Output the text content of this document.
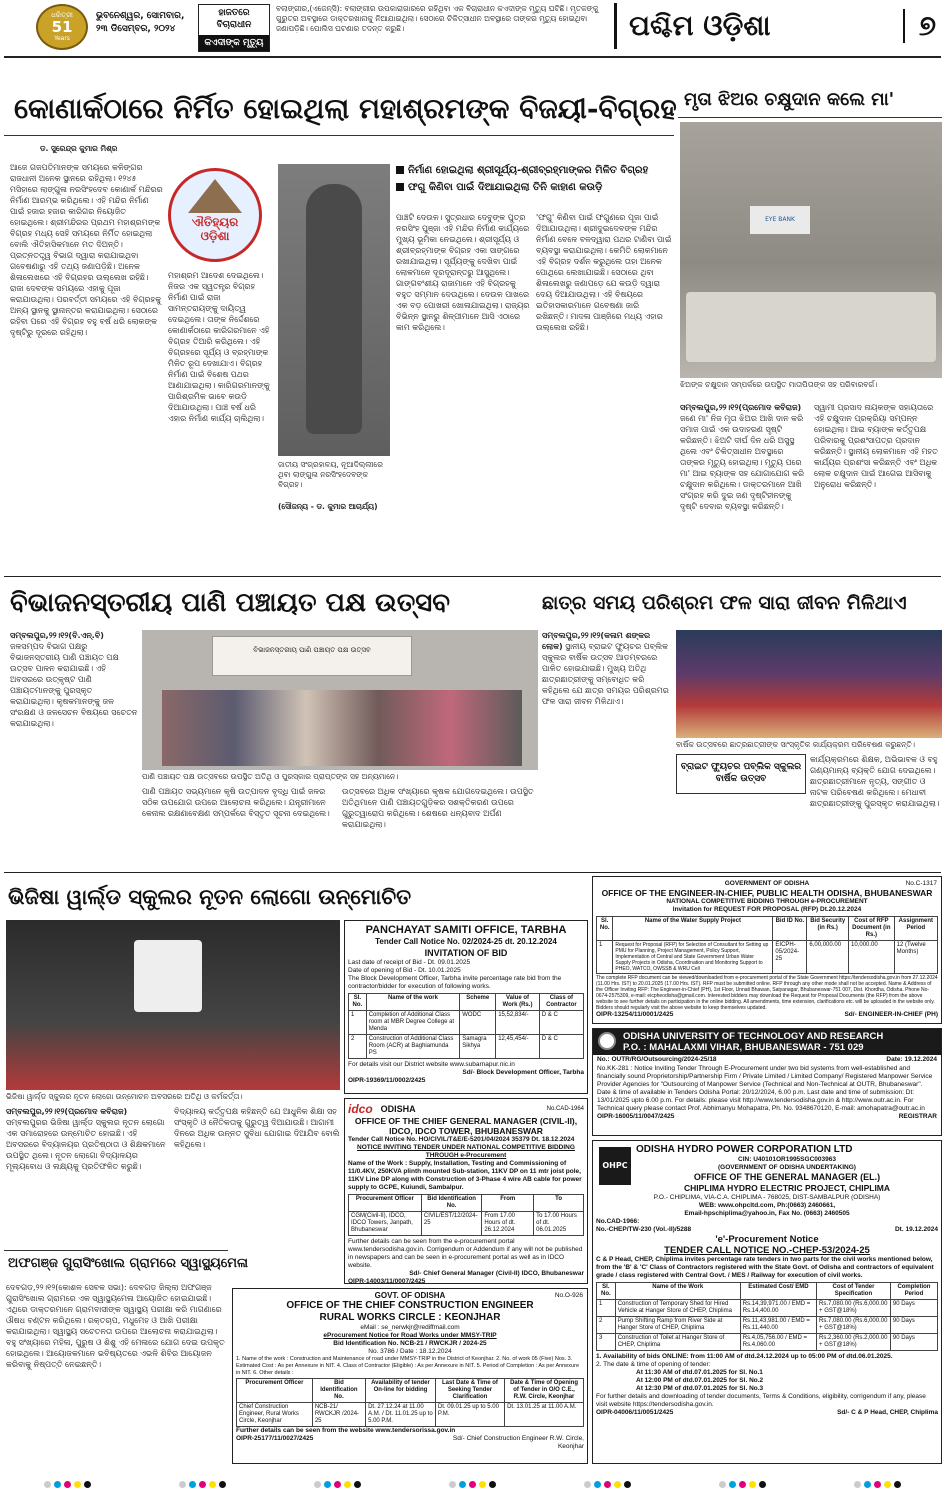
ଧରିତ୍ରୀ
51
Years
ଭୁବନେଶ୍ୱର, ସୋମବାର,
୨୩ ଡିସେମ୍ବର, ୨୦୨୪
ହାଜତରେ ବିଚାରାଧୀନ
କଏଦୀଙ୍କ ମୃତ୍ୟୁ
ବଲାଙ୍ଗୀର,(ଏଜେନ୍ସି): ବଲାଙ୍ଗୀର ଉପକାରାଗାରରେ ରହିଥିବା ଏକ ବିଚାରାଧୀନ କଏଦୀଙ୍କ ମୃତ୍ୟୁ ଘଟିଛି। ମୃତକଙ୍କୁ ଗୁରୁତର ଅବସ୍ଥାରେ ଡାକ୍ତରଖାନାକୁ ନିଆଯାଇଥିଲା। ସେଠାରେ ଚିକିତ୍ସାଧୀନ ଅବସ୍ଥାରେ ତାଙ୍କର ମୃତ୍ୟୁ ହୋଇଥିବା ଜଣାପଡ଼ିଛି। ପୋଲିସ ଘଟଣାର ତଦନ୍ତ କରୁଛି।	ପଶ୍ଚିମ ଓଡ଼ିଶା	୭
କୋଣାର୍କଠାରେ ନିର୍ମିତ ହୋଇଥିଲା ମହାଶ୍ରମଙ୍କ ବିଜୟୀ-ବିଗ୍ରହ
ଡ. ସୁରେନ୍ଦ୍ର କୁମାର ମିଶ୍ର
ଐତିହ୍ୟର ଓଡ଼ିଶା
ଆଜେ ଗଜପତିମାନଙ୍କ ସମୟରେ କଳିଙ୍ଗର ରାଜଧାନୀ ଅନେକ ସ୍ଥାନରେ ରହିଥିଲା। ୧୨୪୫ ମସିହାରେ ଲାଙ୍ଗୁଳା ନରସିଂହଦେବ କୋଣାର୍କ ମନ୍ଦିରର ନିର୍ମାଣ ଆରମ୍ଭ କରିଥିଲେ। ଏହି ମନ୍ଦିର ନିର୍ମାଣ ପାଇଁ ହଜାର ହଜାର କାରିଗର ନିୟୋଜିତ ହୋଇଥିଲେ। ଶ୍ରୀମନ୍ଦିରର ପ୍ରଥମ ମହାଶ୍ରମଙ୍କ ବିଗ୍ରହ ମଧ୍ୟ ସେହି ସମୟରେ ନିର୍ମିତ ହୋଇଥିଲା ବୋଲି ଐତିହାସିକମାନେ ମତ ଦିଅନ୍ତି। ପ୍ରତ୍ନତତ୍ତ୍ୱ ବିଭାଗ ଦ୍ୱାରା କରାଯାଇଥିବା ଗବେଷଣାରୁ ଏହି ତଥ୍ୟ ଜଣାପଡ଼ିଛି। ଅନେକ ଶିଳାଲେଖରେ ଏହି ବିଗ୍ରହର ଉଲ୍ଲେଖ ରହିଛି। ରାଜା ଦେବଙ୍କ ସମୟରେ ଏହାକୁ ପୂଜା କରାଯାଉଥିଲା। ପରବର୍ତ୍ତୀ ସମୟରେ ଏହି ବିଗ୍ରହକୁ ଅନ୍ୟ ସ୍ଥାନକୁ ସ୍ଥାନାନ୍ତର କରାଯାଇଥିଲା। ସେଠାରେ ରହିବା ପରେ ଏହି ବିଗ୍ରହ ବହୁ ବର୍ଷ ଧରି ଲୋକଙ୍କ ଦୃଷ୍ଟିରୁ ଦୂରରେ ରହିଥିଲା।
ମହାଶ୍ରମ ଆଦେଶ ଦେଇଥିଲେ। ନିଜର ଏକ ସ୍ୱତନ୍ତ୍ର ବିଗ୍ରହ ନିର୍ମାଣ ପାଇଁ ରାଜା ସାମନ୍ତରାୟଙ୍କୁ ଦାୟିତ୍ୱ ଦେଇଥିଲେ। ତାଙ୍କ ନିର୍ଦ୍ଦେଶରେ କୋଣାର୍କଠାରେ କାରିଗରମାନେ ଏହି ବିଗ୍ରହ ତିଆରି କରିଥିଲେ। ଏହି ବିଗ୍ରହରେ ସୂର୍ଯ୍ୟ ଓ ବ୍ରହ୍ମାଙ୍କ ମିଳିତ ରୂପ ଦେଖାଯାଏ। ବିଗ୍ରହ ନିର୍ମାଣ ପାଇଁ ବିଶେଷ ପଥର ଆଣାଯାଇଥିଲା। କାରିଗରମାନଙ୍କୁ ପାରିଶ୍ରମିକ ଭାବେ କଉଡ଼ି ଦିଆଯାଉଥିଲା। ପାଞ୍ଚ ବର୍ଷ ଧରି ଏହାର ନିର୍ମାଣ କାର୍ଯ୍ୟ ଚାଲିଥିଲା।
ଜାତୀୟ ସଂଗ୍ରହାଳୟ, ନୂଆଦିଲ୍ଲୀରେ ଥିବା ଲାଙ୍ଗୁଳା ନରସିଂହଦେବଙ୍କ ବିଗ୍ରହ।
(ସୌଜନ୍ୟ - ଡ. କୁମାର ଆଚାର୍ଯ୍ୟ)
ନିର୍ମାଣ ହୋଇଥିଲା ଶ୍ରୀସୂର୍ଯ୍ୟ-ଶ୍ରୀବ୍ରହ୍ମାଙ୍କର ମିଳିତ ବିଗ୍ରହ
ଫଗୁ କିଣିବା ପାଇଁ ଦିଆଯାଇଥିଲା ତିନି କାହାଣ କଉଡ଼ି
ପାଞ୍ଚଟି ଦେଉଳ। ସୁତ୍ରଧାର ଦେବୁଙ୍କ ପୁତ୍ର ନରସିଂହ ପୁଞ୍ଜା ଏହି ମନ୍ଦିର ନିର୍ମାଣ କାର୍ଯ୍ୟରେ ମୁଖ୍ୟ ଭୂମିକା ନେଇଥିଲେ। ଶ୍ରୀସୂର୍ଯ୍ୟ ଓ ଶ୍ରୀବ୍ରହ୍ମାଙ୍କ ବିଗ୍ରହ ଏକା ସାଙ୍ଗରେ ରଖାଯାଇଥିଲା। ସୂର୍ଯ୍ୟଙ୍କୁ ଦେଖିବା ପାଇଁ ଲୋକମାନେ ଦୂରଦୂରାନ୍ତରୁ ଆସୁଥିଲେ। ଗାଙ୍ଗବଂଶୀୟ ରାଜାମାନେ ଏହି ବିଗ୍ରହକୁ ବହୁତ ସମ୍ମାନ ଦେଉଥିଲେ। ଦେଉଳ ପାଖରେ ଏକ ବଡ଼ ପୋଖରୀ ଖୋଳାଯାଇଥିଲା। ରାଜ୍ୟର ବିଭିନ୍ନ ସ୍ଥାନରୁ ଶିଳ୍ପୀମାନେ ଆସି ଏଠାରେ କାମ କରିଥିଲେ।
'ଫଗୁ' କିଣିବା ପାଇଁ ଫଗୁଣରେ ପୂଜା ପାଇଁ ଦିଆଯାଉଥିଲା। ଶ୍ରୀଦୁଇଦେବଙ୍କ ମନ୍ଦିର ନିର୍ମାଣ ବେଳେ ବଳଦ୍ୱାରା ପଥର ଟାଣିବା ପାଇଁ ବ୍ୟବସ୍ଥା କରାଯାଇଥିଲା। କେମିତି ଲୋକମାନେ ଏହି ବିଗ୍ରହ ଦର୍ଶନ କରୁଥିଲେ ତାହା ଅନେକ ପୋଥିରେ ଲେଖାଯାଇଛି। ସେଠାରେ ଥିବା ଶିଳାଲେଖରୁ ଜଣାପଡ଼େ ଯେ କଉଡ଼ି ଦ୍ୱାରା ଦେୟ ଦିଆଯାଉଥିଲା। ଏହି ବିଷୟରେ ଇତିହାସକାରମାନେ ଗବେଷଣା ଜାରି ରଖିଛନ୍ତି। ମାଦଳା ପାଞ୍ଜିରେ ମଧ୍ୟ ଏହାର ଉଲ୍ଲେଖ ରହିଛି।
ମୃତା ଝିଅର ଚକ୍ଷୁଦାନ କଲେ ମା'
EYE BANK
ଝିଅଙ୍କ ଚକ୍ଷୁଦାନ ସମ୍ପର୍କରେ ଉପସ୍ଥିତ ମାତାପିତାଙ୍କ ସହ ପରିବାରବର୍ଗ।
ସମ୍ବଲପୁର,୨୨।୧୨(ପ୍ରମୋଦ କବିରାଜ) ଜଣେ ମା' ନିଜ ମୃତା ଝିଅର ଆଖି ଦାନ କରି ସମାଜ ପାଇଁ ଏକ ଉଦାହରଣ ସୃଷ୍ଟି କରିଛନ୍ତି। ଝିଅଟି ଦୀର୍ଘ ଦିନ ଧରି ଅସୁସ୍ଥ ଥିଲେ ଏବଂ ଚିକିତ୍ସାଧୀନ ଅବସ୍ଥାରେ ତାଙ୍କର ମୃତ୍ୟୁ ହୋଇଥିଲା। ମୃତ୍ୟୁ ପରେ ମା' ଆଇ ବ୍ୟାଙ୍କ ସହ ଯୋଗାଯୋଗ କରି ଚକ୍ଷୁଦାନ କରିଥିଲେ। ଡାକ୍ତରମାନେ ଆଖି ସଂଗ୍ରହ କରି ଦୁଇ ଜଣ ଦୃଷ୍ଟିହୀନଙ୍କୁ ଦୃଷ୍ଟି ଦେବାର ବ୍ୟବସ୍ଥା କରିଛନ୍ତି।
ସ୍ୱାମୀ ପ୍ରସାଦ ନାୟକଙ୍କ ସହାୟତାରେ ଏହି ଚକ୍ଷୁଦାନ ପ୍ରକ୍ରିୟା ସମ୍ପନ୍ନ ହୋଇଥିଲା। ଆଇ ବ୍ୟାଙ୍କ କର୍ତ୍ତୃପକ୍ଷ ପରିବାରକୁ ପ୍ରଶଂସାପତ୍ର ପ୍ରଦାନ କରିଛନ୍ତି। ସ୍ଥାନୀୟ ଲୋକମାନେ ଏହି ମହତ କାର୍ଯ୍ୟର ପ୍ରଶଂସା କରିଛନ୍ତି ଏବଂ ଅଧିକ ଲୋକ ଚକ୍ଷୁଦାନ ପାଇଁ ଆଗେଇ ଆସିବାକୁ ଅନୁରୋଧ କରିଛନ୍ତି।
ବିଭାଜନସ୍ତରୀୟ ପାଣି ପଞ୍ଚାୟତ ପକ୍ଷ ଉତ୍ସବ
ସମ୍ବଲପୁର,୨୨।୧୨(ବି.ଏନ୍.ବି) ଜଳସମ୍ପଦ ବିଭାଗ ପକ୍ଷରୁ ବିଭାଜନସ୍ତରୀୟ ପାଣି ପଞ୍ଚାୟତ ପକ୍ଷ ଉତ୍ସବ ପାଳନ କରାଯାଇଛି। ଏହି ଅବସରରେ ଉତ୍କୃଷ୍ଟ ପାଣି ପଞ୍ଚାୟତମାନଙ୍କୁ ପୁରସ୍କୃତ କରାଯାଇଥିଲା। କୃଷକମାନଙ୍କୁ ଜଳ ସଂରକ୍ଷଣ ଓ ଜଳସେଚନ ବିଷୟରେ ସଚେତନ କରାଯାଇଥିଲା।
ବିଭାଜନସ୍ତରୀୟ ପାଣି ପଞ୍ଚାୟତ ପକ୍ଷ ଉତ୍ସବ
ପାଣି ପଞ୍ଚାୟତ ପକ୍ଷ ଉତ୍ସବରେ ଉପସ୍ଥିତ ଅତିଥି ଓ ପୁରସ୍କାର ପ୍ରାପ୍ତଙ୍କ ସହ ଅନ୍ୟମାନେ।
ପାଣି ପଞ୍ଚାୟତ ସଭ୍ୟମାନେ କୃଷି ଉତ୍ପାଦନ ବୃଦ୍ଧି ପାଇଁ ଜଳର ସଠିକ ଉପଯୋଗ ଉପରେ ଆଲୋଚନା କରିଥିଲେ। ଯନ୍ତ୍ରୀମାନେ କେନାଲ ରକ୍ଷଣାବେକ୍ଷଣ ସମ୍ପର୍କରେ ବିସ୍ତୃତ ସୂଚନା ଦେଇଥିଲେ।
ଉତ୍ସବରେ ଅଧିକ ସଂଖ୍ୟାରେ କୃଷକ ଯୋଗଦେଇଥିଲେ। ଉପସ୍ଥିତ ଅତିଥିମାନେ ପାଣି ପଞ୍ଚାୟତଗୁଡ଼ିକର ସଶକ୍ତିକରଣ ଉପରେ ଗୁରୁତ୍ୱାରୋପ କରିଥିଲେ। ଶେଷରେ ଧନ୍ୟବାଦ ଅର୍ପଣ କରାଯାଇଥିଲା।
ଛାତ୍ର ସମୟ ପରିଶ୍ରମ ଫଳ ସାରା ଜୀବନ ମିଳିଥାଏ
ସମ୍ବଲପୁର,୨୨।୧୨(କଳାମ ଶଙ୍କର ଲୋକ) ସ୍ଥାନୀୟ ବ୍ରାଇଟ ଫ୍ୟୁଚର ପବ୍ଲିକ ସ୍କୁଲର ବାର୍ଷିକ ଉତ୍ସବ ଆଡ଼ମ୍ବରରେ ପାଳିତ ହୋଇଯାଇଛି। ମୁଖ୍ୟ ଅତିଥି ଛାତ୍ରଛାତ୍ରୀଙ୍କୁ ସମ୍ବୋଧିତ କରି କହିଥିଲେ ଯେ ଛାତ୍ର ସମୟର ପରିଶ୍ରମର ଫଳ ସାରା ଜୀବନ ମିଳିଥାଏ।
ବାର୍ଷିକ ଉତ୍ସବରେ ଛାତ୍ରଛାତ୍ରୀଙ୍କ ସାଂସ୍କୃତିକ କାର୍ଯ୍ୟକ୍ରମ ପରିବେଷଣ କରୁଛନ୍ତି।
ବ୍ରାଇଟ ଫ୍ୟୁଚର ପବ୍ଲିକ ସ୍କୁଲର ବାର୍ଷିକ ଉତ୍ସବ
କାର୍ଯ୍ୟକ୍ରମରେ ଶିକ୍ଷକ, ଅଭିଭାବକ ଓ ବହୁ ଗଣ୍ୟମାନ୍ୟ ବ୍ୟକ୍ତି ଯୋଗ ଦେଇଥିଲେ। ଛାତ୍ରଛାତ୍ରୀମାନେ ନୃତ୍ୟ, ସଙ୍ଗୀତ ଓ ନାଟକ ପରିବେଷଣ କରିଥିଲେ। ମେଧାବୀ ଛାତ୍ରଛାତ୍ରୀଙ୍କୁ ପୁରସ୍କୃତ କରାଯାଇଥିଲା।
ଭିଜିଷା ୱାର୍ଲ୍ଡ ସ୍କୁଲର ନୂତନ ଲୋଗୋ ଉନ୍ମୋଚିତ
ଭିଜିଷା ୱାର୍ଲ୍ଡ ସ୍କୁଲର ନୂତନ ଲୋଗୋ ଉନ୍ମୋଚନ ଅବସରରେ ଅତିଥି ଓ କର୍ମକର୍ତ୍ତା।
ସମ୍ବଲପୁର,୨୨।୧୨(ପ୍ରମୋଦ କବିରାଜ) ସମ୍ବଲପୁରର ଭିଜିଷା ୱାର୍ଲ୍ଡ ସ୍କୁଲର ନୂତନ ଲୋଗୋ ଏକ ସମାରୋହରେ ଉନ୍ମୋଚିତ ହୋଇଛି। ଏହି ଅବସରରେ ବିଦ୍ୟାଳୟର ପ୍ରତିଷ୍ଠାତା ଓ ଶିକ୍ଷକମାନେ ଉପସ୍ଥିତ ଥିଲେ। ନୂତନ ଲୋଗୋ ବିଦ୍ୟାଳୟର ମୂଲ୍ୟବୋଧ ଓ ଲକ୍ଷ୍ୟକୁ ପ୍ରତିଫଳିତ କରୁଛି।
ବିଦ୍ୟାଳୟ କର୍ତ୍ତୃପକ୍ଷ କହିଛନ୍ତି ଯେ ଆଧୁନିକ ଶିକ୍ଷା ସହ ସଂସ୍କୃତି ଓ ନୈତିକତାକୁ ଗୁରୁତ୍ୱ ଦିଆଯାଉଛି। ଆଗାମୀ ଦିନରେ ଅଧିକ ଉନ୍ନତ ସୁବିଧା ଯୋଗାଇ ଦିଆଯିବ ବୋଲି କହିଥିଲେ।
ଅଫଗଞ୍ଜ ଗୁରାସିଂଖୋଲ ଗ୍ରାମରେ ସ୍ୱାସ୍ଥ୍ୟମେଳା
ଦେବଗଡ଼,୨୨।୧୨(କୋଶଳ ସେବକ ସଭା): ଦେବଗଡ଼ ଜିଲ୍ଲା ଅଫଗଞ୍ଜ ଗୁରାସିଂଖୋଲ ଗ୍ରାମରେ ଏକ ସ୍ୱାସ୍ଥ୍ୟମେଳା ଆୟୋଜିତ ହୋଇଯାଇଛି। ଏଥିରେ ଡାକ୍ତରମାନେ ଗ୍ରାମବାସୀଙ୍କ ସ୍ୱାସ୍ଥ୍ୟ ପରୀକ୍ଷା କରି ମାଗଣାରେ ଔଷଧ ବଣ୍ଟନ କରିଥିଲେ। ରକ୍ତଚାପ, ମଧୁମେହ ଓ ଆଖି ପରୀକ୍ଷା କରାଯାଇଥିଲା। ସ୍ୱାସ୍ଥ୍ୟ ସଚେତନତା ଉପରେ ଆଲୋଚନା କରାଯାଇଥିଲା। ବହୁ ସଂଖ୍ୟାରେ ମହିଳା, ପୁରୁଷ ଓ ଶିଶୁ ଏହି ମେଳାରେ ଯୋଗ ଦେଇ ଉପକୃତ ହୋଇଥିଲେ। ଆୟୋଜକମାନେ ଭବିଷ୍ୟତରେ ଏଭଳି ଶିବିର ଆୟୋଜନ କରିବାକୁ ନିଷ୍ପତ୍ତି ନେଇଛନ୍ତି।
PANCHAYAT SAMITI OFFICE, TARBHA
Tender Call Notice No. 02/2024-25 dt. 20.12.2024
INVITATION OF BID
Last date of receipt of Bid - Dt. 09.01.2025
Date of opening of Bid - Dt. 10.01.2025
The Block Development Officer, Tarbha invite percentage rate bid from the contractor/bidder for execution of following works.
Sl. No.	Name of the work	Scheme	Value of Work (Rs.)	Class of Contractor
1	Completion of Additional Class room at MBR Degree College at Menda	WODC	15,52,834/-	D & C
2	Construction of Additional Class Room (ACR) at Baghiamunda PS	Samagra Sikhya	12,45,454/-	D & C
For details visit our District website www.subarnapur.nic.in
Sd/- Block Development Officer, Tarbha
OIPR-19369/11/0002/2425
idco ODISHA	No.CAD-1964
OFFICE OF THE CHIEF GENERAL MANAGER (CIVIL-II), IDCO, IDCO TOWER, BHUBANESWAR
Tender Call Notice No. HO/CIVIL/T&E/E-5201/04/2024 35379 Dt. 18.12.2024
NOTICE INVITING TENDER UNDER NATIONAL COMPETITIVE BIDDING THROUGH e-Procurement
Name of the Work : Supply, Installation, Testing and Commissioning of 11/0.4KV, 250KVA plinth mounted Sub-station, 11KV DP on 11 mtr joist pole, 11KV Line DP along with Construction of 3-Phase 4 wire AB cable for power supply to GCPE, Kuiundi, Sambalpur.
Procurement Officer	Bid Identification No.	From	To
CGM(Civil-II), IDCO, IDCO Towers, Janpath, Bhubaneswar	CIVIL/EST/12/2024-25	From 17.00 Hours of dt. 26.12.2024	To 17.00 Hours of dt. 06.01.2025
Further details can be seen from the e-procurement portal www.tendersodisha.gov.in. Corrigendum or Addendum if any will not be published in newspapers and can be seen in e-procurement portal as well as in IDCO website.
Sd/- Chief General Manager (Civil-II) IDCO, Bhubaneswar
OIPR-14003/11/0007/2425
GOVT. OF ODISHA	No.O-926
OFFICE OF THE CHIEF CONSTRUCTION ENGINEER
RURAL WORKS CIRCLE : KEONJHAR
eMail : se_nerwkjr@rediffmail.com
eProcurement Notice for Road Works under MMSY-TRIP
Bid Identification No. NCB-21 / RWCKJR / 2024-25
No. 3786 / Date : 18.12.2024
1. Name of the work : Construction and Maintenance of road under MMSY-TRIP in the District of Keonjhar. 2. No. of work 05 (Five) Nos. 3. Estimated Cost : As per Annexure in NIT. 4. Class of Contractor (Eligible) : As per Annexure in NIT. 5. Period of Completion : As per Annexure in NIT. 6. Other details :
Procurement Officer	Bid Identification No.	Availability of tender On-line for bidding	Last Date & Time of Seeking Tender Clarification	Date & Time of Opening of Tender in O/O C.E., R.W. Circle, Keonjhar
Chief Construction Engineer, Rural Works Circle, Keonjhar	NCB-21/ RWCKJR /2024-25	Dt. 27.12.24 at 11.00 A.M. / Dt. 11.01.25 up to 5.00 P.M.	Dt. 09.01.25 up to 5.00 P.M.	Dt. 13.01.25 at 11.00 A.M.
Further details can be seen from the website www.tendersorissa.gov.in
OIPR-25177/11/0027/2425	Sd/- Chief Construction Engineer R.W. Circle, Keonjhar
GOVERNMENT OF ODISHA	No.C-1317
OFFICE OF THE ENGINEER-IN-CHIEF, PUBLIC HEALTH ODISHA, BHUBANESWAR
NATIONAL COMPETITIVE BIDDING THROUGH e-PROCUREMENT
Invitation for REQUEST FOR PROPOSAL (RFP) Dt.20.12.2024
Sl. No.	Name of the Water Supply Project	Bid ID No.	Bid Security (in Rs.)	Cost of RFP Document (in Rs.)	Assignment Period
1	Request for Proposal (RFP) for Selection of Consultant for Setting up PMU for Planning, Project Management, Policy Support, Implementation of Central and State Government Urban Water Supply Projects in Odisha, Coordination and Monitoring Support to PHEO, WATCO, OWSSB & WRU Cell	EICPH-05/2024-25	6,00,000.00	10,000.00	12 (Twelve Months)
The complete RFP document can be viewed/downloaded from e-procurement portal of the State Government https://tendersodisha.gov.in from 27.12.2024 (11.00 Hrs. IST) to 20.01.2025 (17.00 Hrs. IST). RFP must be submitted online. RFP through any other mode shall not be accepted. Name & Address of the Officer Inviting RFP: The Engineer-in-Chief (PH), 1st Floor, Unnati Bhawan, Satyanagar, Bhubaneswar-751 007, Dist. Khordha, Odisha. Phone No-0674-2575309, e-mail: eicpheodisha@gmail.com. Interested bidders may download the Request for Proposal Documents (the RFP) from the above website to see further details on participation in the online bidding. All amendments, time extension, clarifications etc. will be uploaded in the website only. Bidders should regularly visit the above website to keep themselves updated.
OIPR-13254/11/0001/2425	Sd/- ENGINEER-IN-CHIEF (PH)
ODISHA UNIVERSITY OF TECHNOLOGY AND RESEARCH
P.O. : MAHALAXMI VIHAR, BHUBANESWAR - 751 029
No.: OUTR/RG/Outsourcing/2024-25/18	Date: 19.12.2024
No.KK-281 : Notice Inviting Tender Through E-Procurement under two bid systems from well-established and financially sound Proprietorship/Partnership Firm / Private Limited / Limited Company/ Registered Manpower Service Provider Agencies for "Outsourcing of Manpower Service (Technical and Non-Technical at OUTR, Bhubaneswar".
Date & time of available in Tenders Odisha Portal: 20/12/2024, 6.00 p.m. Last date and time of submission: Dt: 13/01/2025 upto 6.00 p.m. For details: please visit http://www.tendersodisha.gov.in & http://www.outr.ac.in. For Technical query please contact Prof. Abhimanyu Mohapatra, Ph. No. 9348670120, E-mail: amohapatra@outr.ac.in
OIPR-16005/11/0047/2425	REGISTRAR
OHPC
ODISHA HYDRO POWER CORPORATION LTD
CIN: U40101OR1995SGC003963
(GOVERNMENT OF ODISHA UNDERTAKING)
OFFICE OF THE GENERAL MANAGER (EL.)
CHIPLIMA HYDRO ELECTRIC PROJECT, CHIPLIMA
P.O.- CHIPLIMA, VIA-C.A. CHIPLIMA - 768025, DIST-SAMBALPUR (ODISHA)
WEB: www.ohpcltd.com, Ph:(0663) 2460661,
Email-hpschiplima@yahoo.in, Fax No. (0663) 2460505
No.CAD-1966:
No.-CHEP/TW-230 (Vol.-II)/5288	Dt. 19.12.2024
'e'-Procurement Notice
TENDER CALL NOTICE NO.-CHEP-53/2024-25
C & P Head, CHEP, Chiplima invites percentage rate tenders in two parts for the civil works mentioned below, from the 'B' & 'C' Class of Contractors registered with the State Govt. of Odisha and contractors of equivalent grade / class registered with Central Govt. / MES / Railway for execution of civil works.
Sl. No.	Name of the Work	Estimated Cost/ EMD	Cost of Tender Specification	Completion Period
1	Construction of Temporary Shed for Hired Vehicle at Hanger Store of CHEP, Chiplima	Rs.14,39,971.00 / EMD = Rs.14,400.00	Rs.7,080.00 (Rs.6,000.00 + GST@18%)	90 Days
2	Pump Shifting Ramp from River Side at Hanger Store of CHEP, Chiplima	Rs.11,43,981.00 / EMD = Rs.11,440.00	Rs.7,080.00 (Rs.6,000.00 + GST@18%)	90 Days
3	Construction of Toilet at Hanger Store of CHEP, Chiplima	Rs.4,05,756.00 / EMD = Rs.4,060.00	Rs.2,360.00 (Rs.2,000.00 + GST@18%)	90 Days
1. Availability of bids ONLINE: from 11:00 AM of dtd.24.12.2024 up to 05:00 PM of dtd.06.01.2025.
2. The date & time of opening of tender:
At 11:30 AM of dtd.07.01.2025 for Sl. No.1
At 12:00 PM of dtd.07.01.2025 for Sl. No.2
At 12:30 PM of dtd.07.01.2025 for Sl. No.3
For further details and downloading of tender documents, Terms & Conditions, eligibility, corrigendum if any, please visit website https://tendersodisha.gov.in.
OIPR-04006/11/0051/2425	Sd/- C & P Head, CHEP, Chiplima
